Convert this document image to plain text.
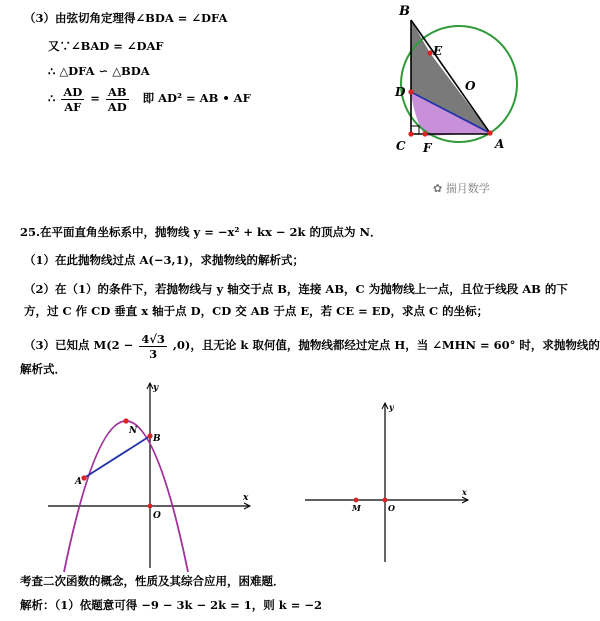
（3）由弦切角定理得∠BDA = ∠DFA
又∵∠BAD = ∠DAF
∴ △DFA ∽ △BDA
∴ $\frac{AD}{AF} = \frac{AB}{AD}$ 即 AD² = AB • AF
B
E
O
D
C F	A
✿ 揣月数学
25.在平面直角坐标系中，抛物线 y = −x² + kx − 2k 的顶点为 N．
（1）在此抛物线过点 A(−3,1)，求抛物线的解析式；
（2）在（1）的条件下，若抛物线与 y 轴交于点 B，连接 AB，C 为抛物线上一点，且位于线段 AB 的下
方，过 C 作 CD 垂直 x 轴于点 D，CD 交 AB 于点 E，若 CE = ED，求点 C 的坐标；
（3）已知点 $M(2 - \frac{4√3}{3} ,0)$，且无论 k 取何值，抛物线都经过定点 H，当 ∠MHN = 60° 时，求抛物线的
解析式．
y
x
N
B
A
O
y
x
M	O
考查二次函数的概念，性质及其综合应用，困难题．
解析：（1）依题意可得 −9 − 3k − 2k = 1，则 k = −2
